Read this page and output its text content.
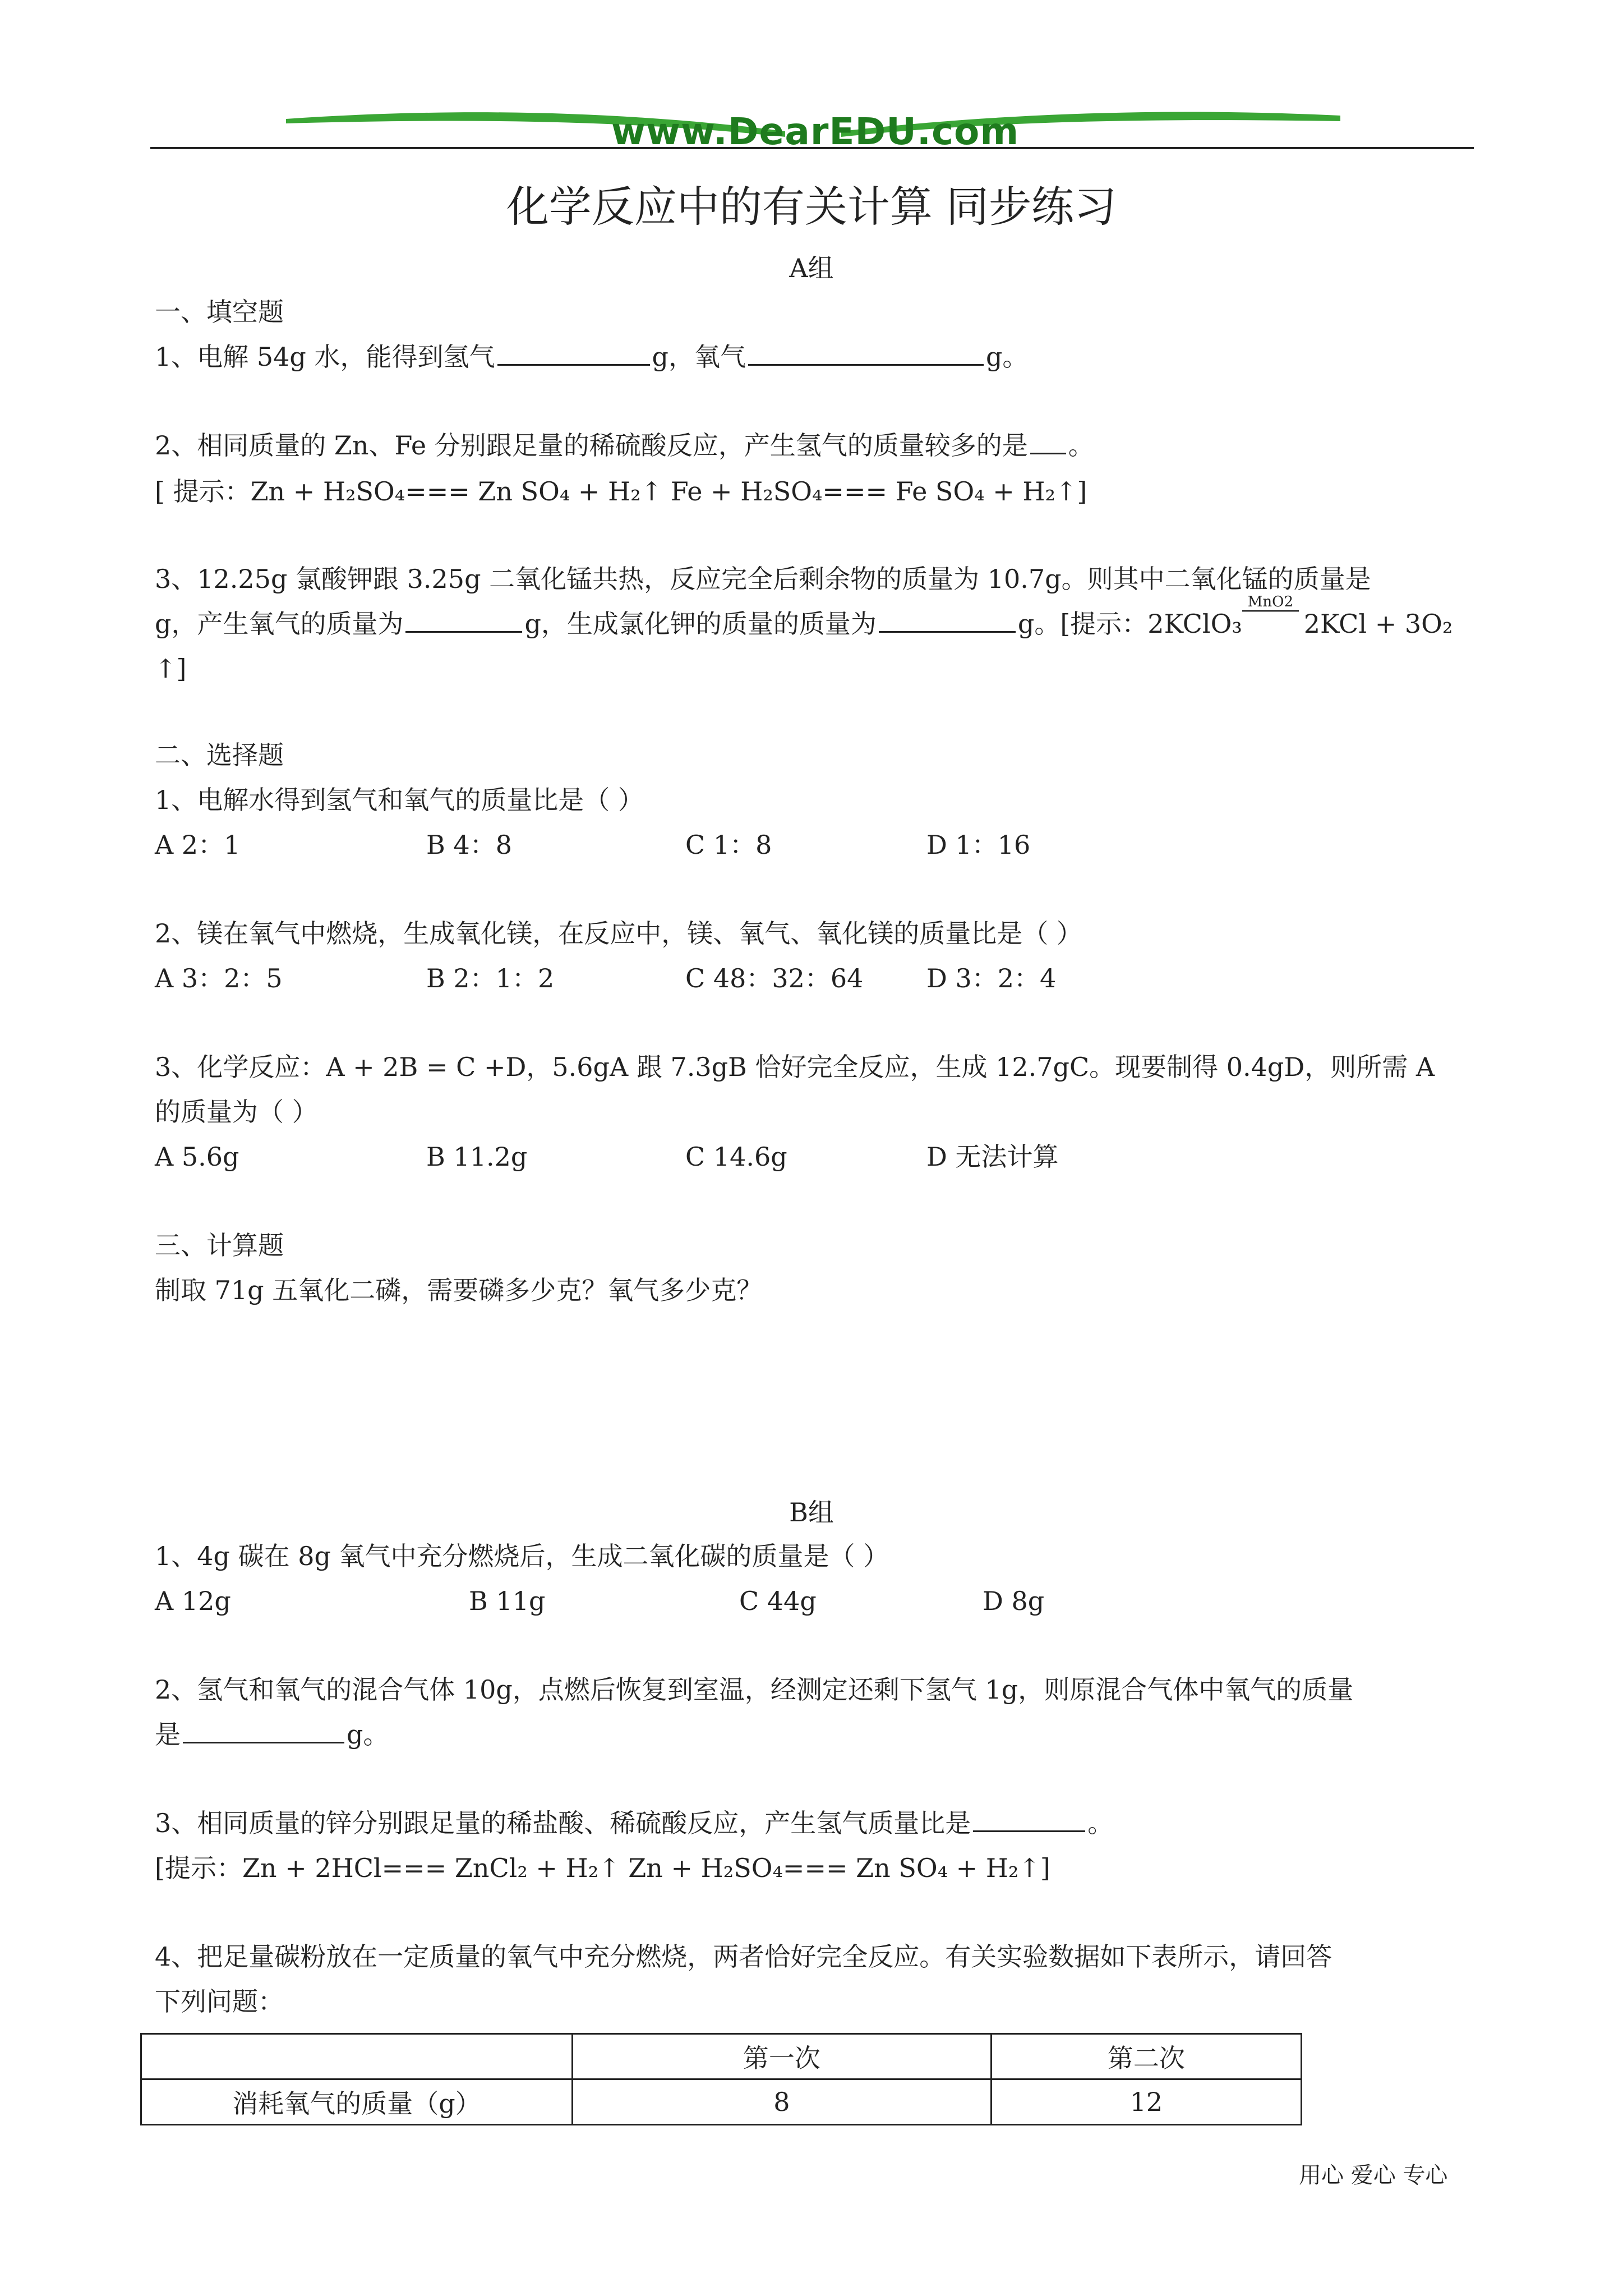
www.DearEDU.com
化学反应中的有关计算 同步练习
A组
一、填空题
1、电解 54g 水，能得到氢气	g，氧气	g。
2、相同质量的 Zn、Fe 分别跟足量的稀硫酸反应，产生氢气的质量较多的是 。
[ 提示：Zn + H₂SO₄=== Zn SO₄ + H₂↑ Fe + H₂SO₄=== Fe SO₄ + H₂↑]
3、12.25g 氯酸钾跟 3.25g 二氧化锰共热，反应完全后剩余物的质量为 10.7g。则其中二氧化锰的质量是
g，产生氧气的质量为	g，生成氯化钾的质量的质量为	g。[提示：2KClO₃
MnO2
2KCl + 3O₂
↑]
二、选择题
1、电解水得到氢气和氧气的质量比是（ ）
A 2：1	B 4：8	C 1：8	D 1：16
2、镁在氧气中燃烧，生成氧化镁，在反应中，镁、氧气、氧化镁的质量比是（ ）
A 3：2：5	B 2：1：2	C 48：32：64 D 3：2：4
3、化学反应：A + 2B = C +D，5.6gA 跟 7.3gB 恰好完全反应，生成 12.7gC。现要制得 0.4gD，则所需 A
的质量为（ ）
A 5.6g	B 11.2g	C 14.6g	D 无法计算
三、计算题
制取 71g 五氧化二磷，需要磷多少克？氧气多少克？
B组
1、4g 碳在 8g 氧气中充分燃烧后，生成二氧化碳的质量是（ ）
A 12g	B 11g	C 44g	D 8g
2、氢气和氧气的混合气体 10g，点燃后恢复到室温，经测定还剩下氢气 1g，则原混合气体中氧气的质量
是	g。
3、相同质量的锌分别跟足量的稀盐酸、稀硫酸反应，产生氢气质量比是	。
[提示：Zn + 2HCl=== ZnCl₂ + H₂↑ Zn + H₂SO₄=== Zn SO₄ + H₂↑]
4、把足量碳粉放在一定质量的氧气中充分燃烧，两者恰好完全反应。有关实验数据如下表所示，请回答
下列问题：
	第一次	第二次
消耗氧气的质量（g）	8	12
用心 爱心 专心
